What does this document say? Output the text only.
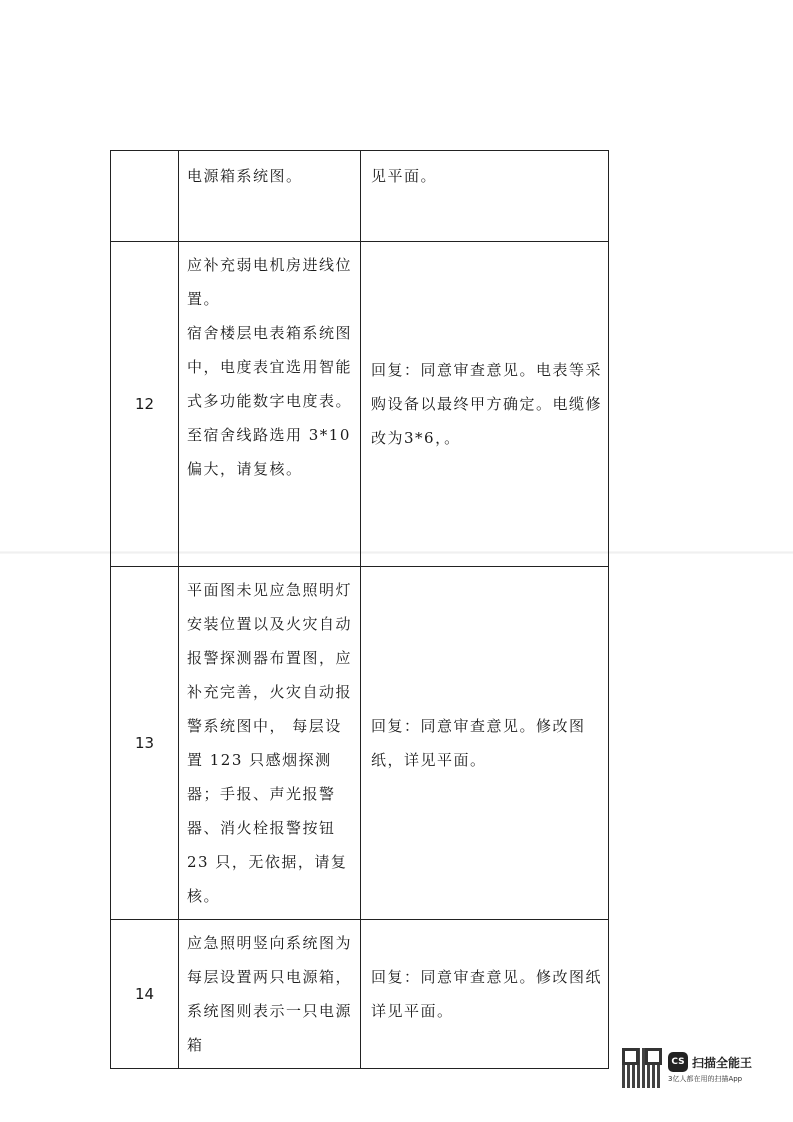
	电源箱系统图。	见平面。

12	应补充弱电机房进线位置。
宿舍楼层电表箱系统图中，电度表宜选用智能式多功能数字电度表。至宿舍线路选用 3*10 偏大，请复核。	回复：同意审查意见。电表等采购设备以最终甲方确定。电缆修改为3*6，。

13	平面图未见应急照明灯安装位置以及火灾自动报警探测器布置图，应补充完善，火灾自动报警系统图中， 每层设置 123 只感烟探测器；手报、声光报警器、消火栓报警按钮 23 只，无依据，请复核。	回复：同意审查意见。修改图纸，详见平面。

14	应急照明竖向系统图为每层设置两只电源箱，系统图则表示一只电源箱	回复：同意审查意见。修改图纸详见平面。
CS 扫描全能王
3亿人都在用的扫描App
